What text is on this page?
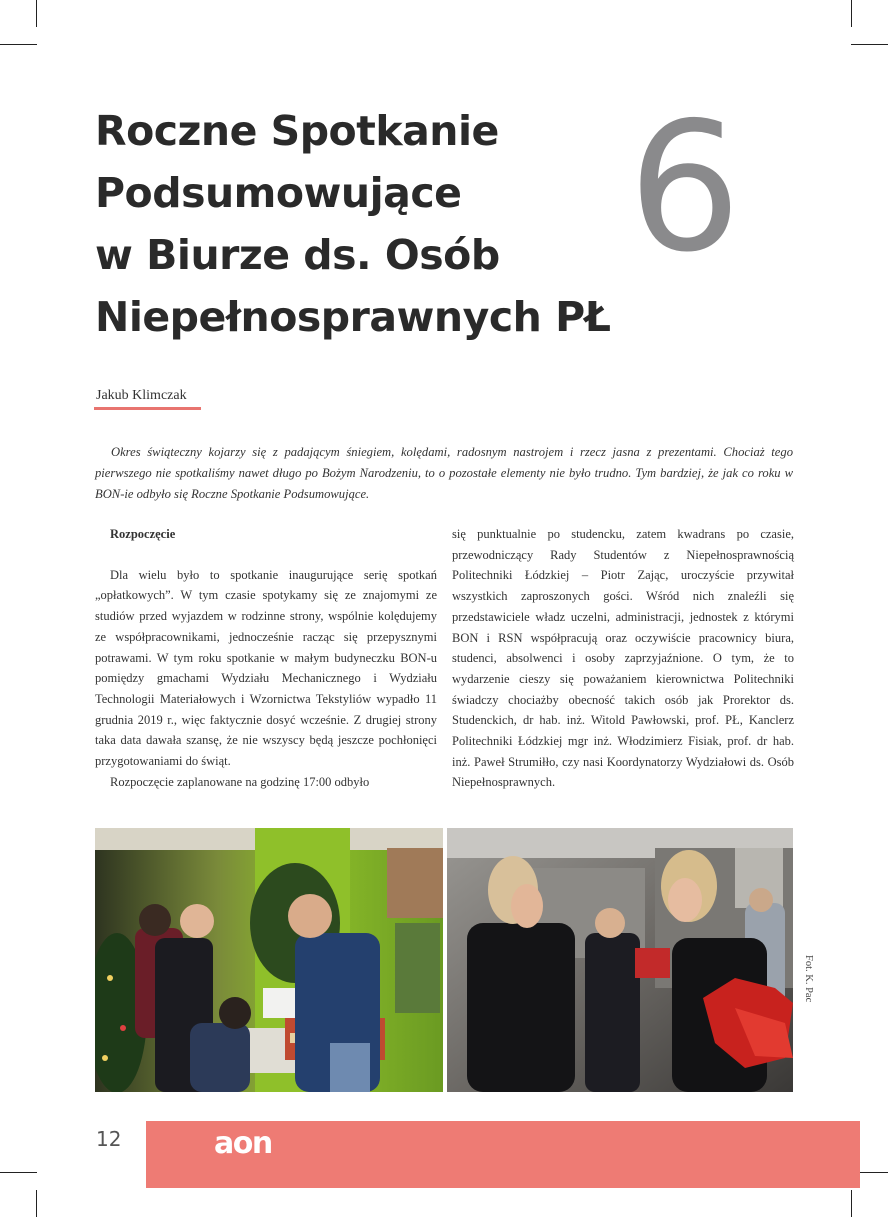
Roczne Spotkanie
Podsumowujące
w Biurze ds. Osób
Niepełnosprawnych PŁ
6
Jakub Klimczak

Okres świąteczny kojarzy się z padającym śniegiem, kolędami, radosnym nastrojem i rzecz jasna z prezentami. Chociaż tego pierwszego nie spotkaliśmy nawet długo po Bożym Narodzeniu, to o pozostałe elementy nie było trudno. Tym bardziej, że jak co roku w BON-ie odbyło się Roczne Spotkanie Podsumowujące.

Rozpoczęcie

Dla wielu było to spotkanie inaugurujące serię spotkań „opłatkowych”. W tym czasie spotykamy się ze znajomymi ze studiów przed wyjazdem w rodzinne strony, wspólnie kolędujemy ze współpracownikami, jednocześnie racząc się przepysznymi potrawami. W tym roku spotkanie w małym budyneczku BON-u pomiędzy gmachami Wydziału Mechanicznego i Wydziału Technologii Materiałowych i Wzornictwa Tekstyliów wypadło 11 grudnia 2019 r., więc faktycznie dosyć wcześnie. Z drugiej strony taka data dawała szansę, że nie wszyscy będą jeszcze pochłonięci przygotowaniami do świąt.

Rozpoczęcie zaplanowane na godzinę 17:00 odbyło

się punktualnie po studencku, zatem kwadrans po czasie, przewodniczący Rady Studentów z Niepełnosprawnością Politechniki Łódzkiej – Piotr Zając, uroczyście przywitał wszystkich zaproszonych gości. Wśród nich znaleźli się przedstawiciele władz uczelni, administracji, jednostek z którymi BON i RSN współpracują oraz oczywiście pracownicy biura, studenci, absolwenci i osoby zaprzyjaźnione. O tym, że to wydarzenie cieszy się poważaniem kierownictwa Politechniki świadczy chociażby obecność takich osób jak Prorektor ds. Studenckich, dr hab. inż. Witold Pawłowski, prof. PŁ, Kanclerz Politechniki Łódzkiej mgr inż. Włodzimierz Fisiak, prof. dr hab. inż. Paweł Strumiłło, czy nasi Koordynatorzy Wydziałowi ds. Osób Niepełnosprawnych.

Fot. K. Pac
12	aon
